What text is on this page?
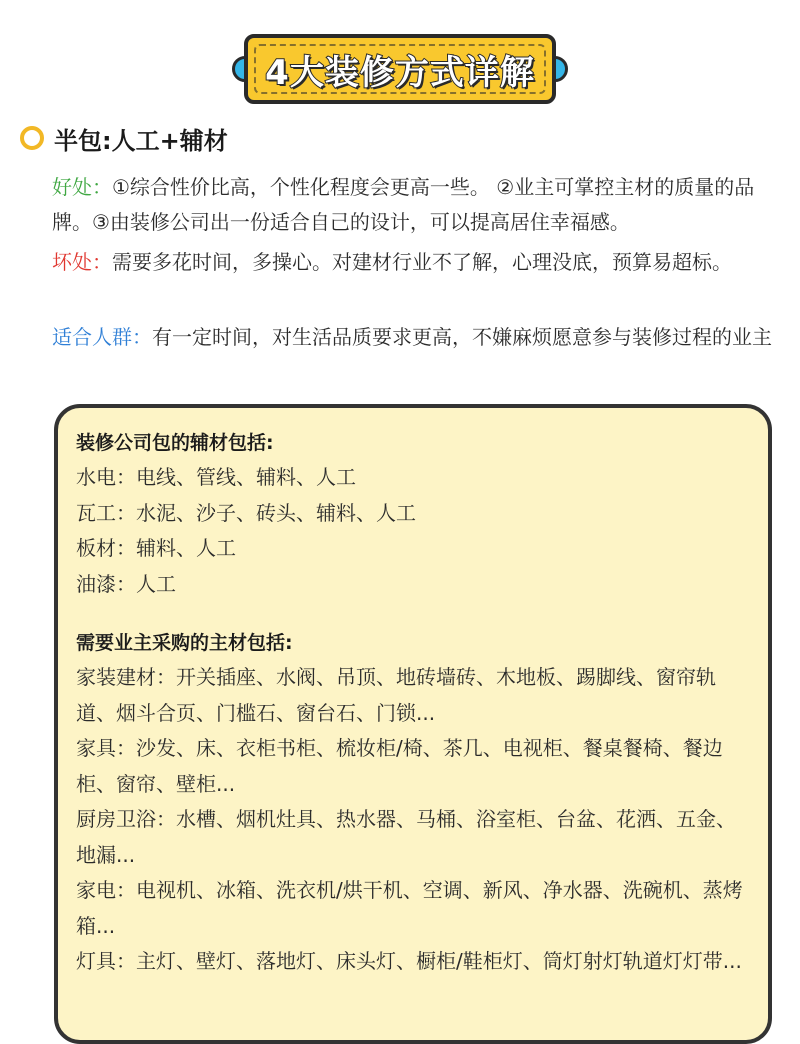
4大装修方式详解
半包:人工+辅材
好处：①综合性价比高，个性化程度会更高一些。 ②业主可掌控主材的质量的品牌。③由装修公司出一份适合自己的设计，可以提高居住幸福感。
坏处：需要多花时间，多操心。对建材行业不了解，心理没底，预算易超标。
适合人群：有一定时间，对生活品质要求更高，不嫌麻烦愿意参与装修过程的业主
装修公司包的辅材包括:
水电：电线、管线、辅料、人工
瓦工：水泥、沙子、砖头、辅料、人工
板材：辅料、人工
油漆：人工
需要业主采购的主材包括:
家装建材：开关插座、水阀、吊顶、地砖墙砖、木地板、踢脚线、窗帘轨道、烟斗合页、门槛石、窗台石、门锁...
家具：沙发、床、衣柜书柜、梳妆柜/椅、茶几、电视柜、餐桌餐椅、餐边柜、窗帘、壁柜...
厨房卫浴：水槽、烟机灶具、热水器、马桶、浴室柜、台盆、花洒、五金、地漏...
家电：电视机、冰箱、洗衣机/烘干机、空调、新风、净水器、洗碗机、蒸烤箱...
灯具：主灯、壁灯、落地灯、床头灯、橱柜/鞋柜灯、筒灯射灯轨道灯灯带...
